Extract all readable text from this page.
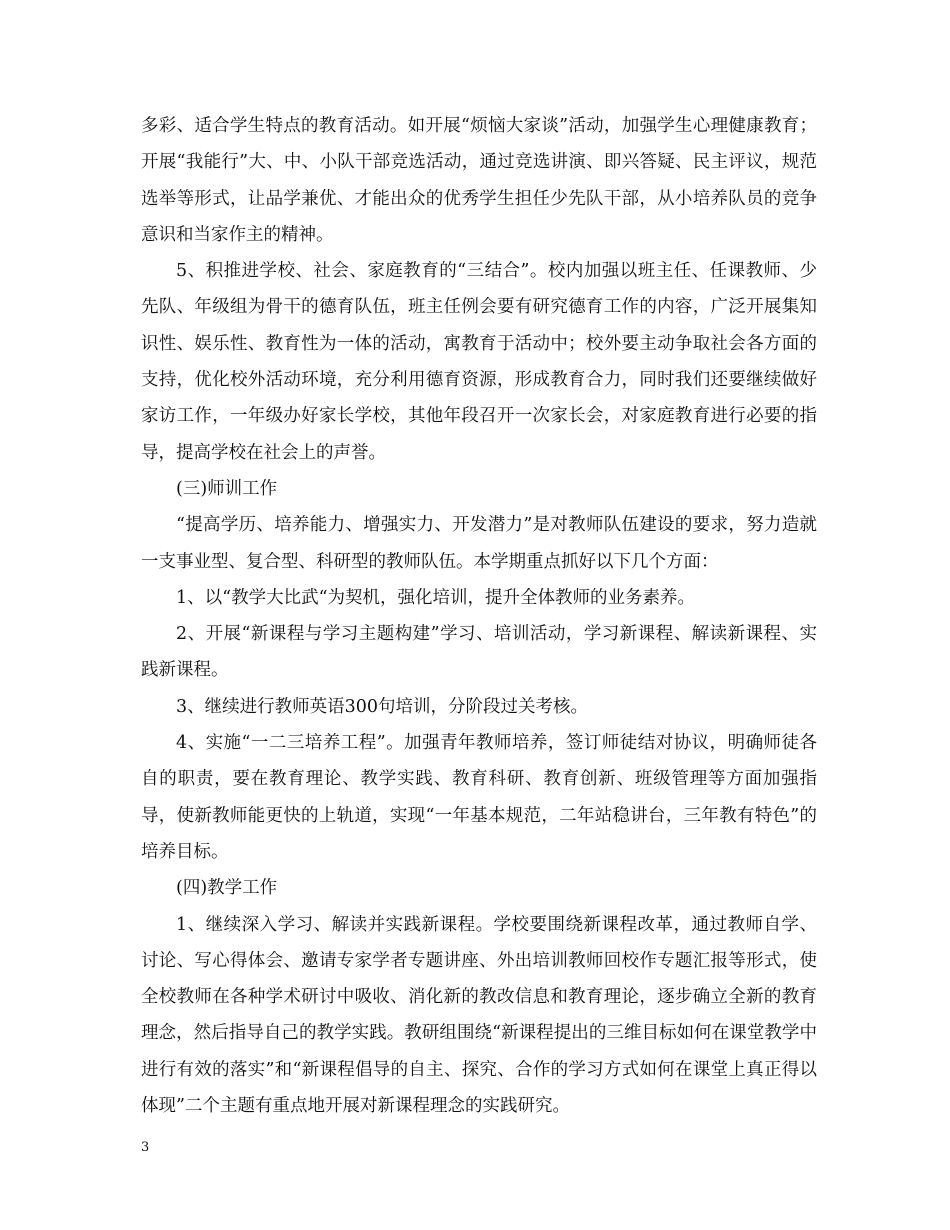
多彩、适合学生特点的教育活动。如开展“烦恼大家谈”活动，加强学生心理健康教育；开展“我能行”大、中、小队干部竞选活动，通过竞选讲演、即兴答疑、民主评议，规范选举等形式，让品学兼优、才能出众的优秀学生担任少先队干部，从小培养队员的竞争意识和当家作主的精神。

5、积推进学校、社会、家庭教育的“三结合”。校内加强以班主任、任课教师、少先队、年级组为骨干的德育队伍，班主任例会要有研究德育工作的内容，广泛开展集知识性、娱乐性、教育性为一体的活动，寓教育于活动中；校外要主动争取社会各方面的支持，优化校外活动环境，充分利用德育资源，形成教育合力，同时我们还要继续做好家访工作，一年级办好家长学校，其他年段召开一次家长会，对家庭教育进行必要的指导，提高学校在社会上的声誉。

(三)师训工作

“提高学历、培养能力、增强实力、开发潜力”是对教师队伍建设的要求，努力造就一支事业型、复合型、科研型的教师队伍。本学期重点抓好以下几个方面：

1、以“教学大比武“为契机，强化培训，提升全体教师的业务素养。

2、开展“新课程与学习主题构建”学习、培训活动，学习新课程、解读新课程、实践新课程。

3、继续进行教师英语300句培训，分阶段过关考核。

4、实施“一二三培养工程”。加强青年教师培养，签订师徒结对协议，明确师徒各自的职责，要在教育理论、教学实践、教育科研、教育创新、班级管理等方面加强指导，使新教师能更快的上轨道，实现“一年基本规范，二年站稳讲台，三年教有特色”的培养目标。

(四)教学工作

1、继续深入学习、解读并实践新课程。学校要围绕新课程改革，通过教师自学、讨论、写心得体会、邀请专家学者专题讲座、外出培训教师回校作专题汇报等形式，使全校教师在各种学术研讨中吸收、消化新的教改信息和教育理论，逐步确立全新的教育理念，然后指导自己的教学实践。教研组围绕“新课程提出的三维目标如何在课堂教学中进行有效的落实”和“新课程倡导的自主、探究、合作的学习方式如何在课堂上真正得以体现”二个主题有重点地开展对新课程理念的实践研究。

3
